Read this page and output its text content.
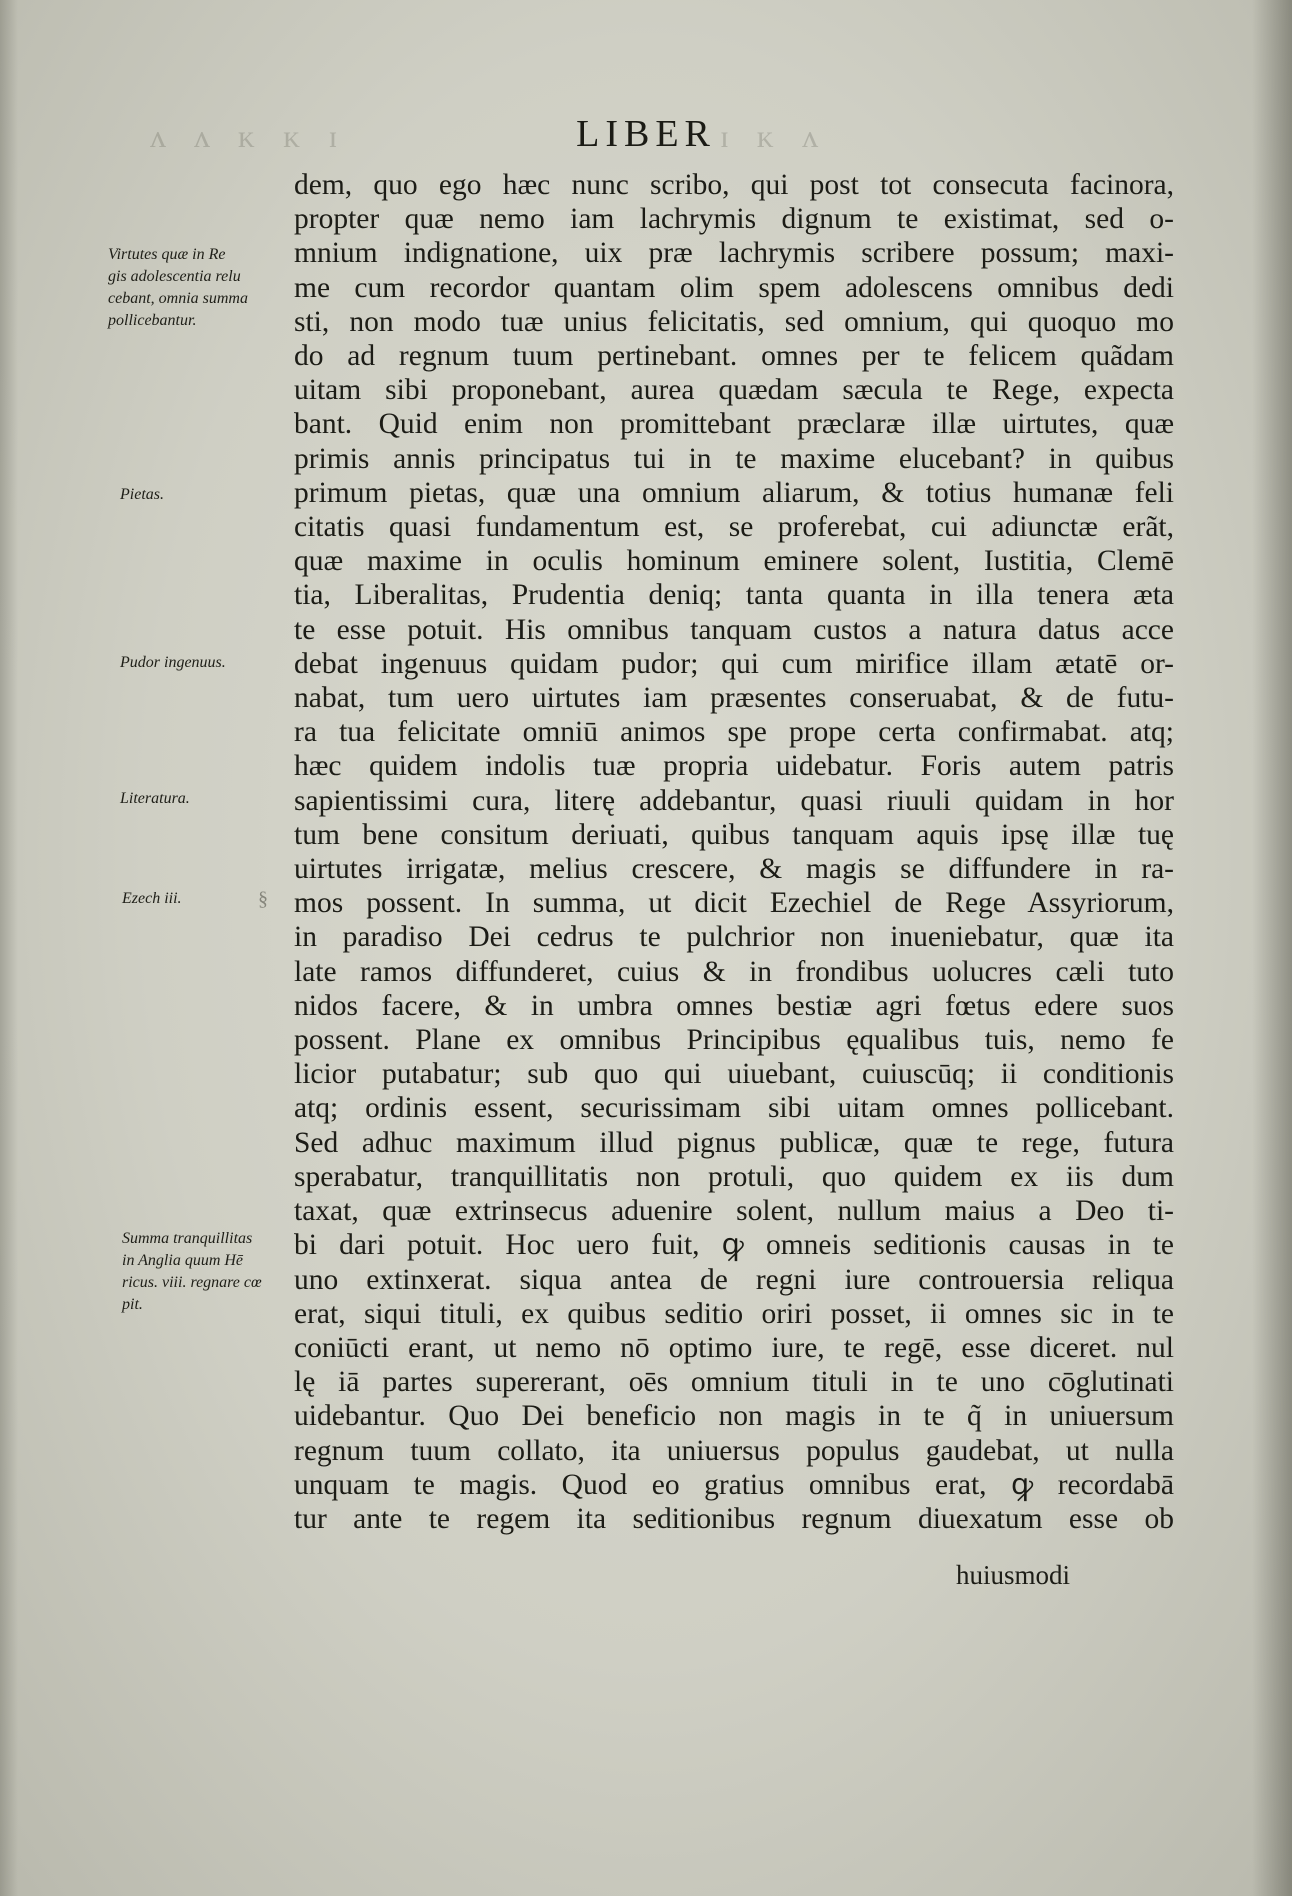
ᴧ ᴧ ᴋ ᴋ ɪ	ɪ ᴋ ᴧ
LIBER
Virtutes quæ in Re
gis adolescentia relu
cebant, omnia summa
pollicebantur.
Pietas.
Pudor ingenuus.
Literatura.
Ezech iii.	§
Summa tranquillitas
in Anglia quum Hē
ricus. viii. regnare cœ
pit.
dem, quo ego hæc nunc scribo, qui post tot consecuta facinora,
propter quæ nemo iam lachrymis dignum te existimat, sed o-
mnium indignatione, uix præ lachrymis scribere possum; maxi-
me cum recordor quantam olim spem adolescens omnibus dedi
sti, non modo tuæ unius felicitatis, sed omnium, qui quoquo mo
do ad regnum tuum pertinebant. omnes per te felicem quãdam
uitam sibi proponebant, aurea quædam sæcula te Rege, expecta
bant. Quid enim non promittebant præclaræ illæ uirtutes, quæ
primis annis principatus tui in te maxime elucebant? in quibus
primum pietas, quæ una omnium aliarum, & totius humanæ feli
citatis quasi fundamentum est, se proferebat, cui adiunctæ erãt,
quæ maxime in oculis hominum eminere solent, Iustitia, Clemē
tia, Liberalitas, Prudentia deniq; tanta quanta in illa tenera æta
te esse potuit. His omnibus tanquam custos a natura datus acce
debat ingenuus quidam pudor; qui cum mirifice illam ætatē or-
nabat, tum uero uirtutes iam præsentes conseruabat, & de futu-
ra tua felicitate omniū animos spe prope certa confirmabat. atq;
hæc quidem indolis tuæ propria uidebatur. Foris autem patris
sapientissimi cura, literę addebantur, quasi riuuli quidam in hor
tum bene consitum deriuati, quibus tanquam aquis ipsę illæ tuę
uirtutes irrigatæ, melius crescere, & magis se diffundere in ra-
mos possent. In summa, ut dicit Ezechiel de Rege Assyriorum,
in paradiso Dei cedrus te pulchrior non inueniebatur, quæ ita
late ramos diffunderet, cuius & in frondibus uolucres cæli tuto
nidos facere, & in umbra omnes bestiæ agri fœtus edere suos
possent. Plane ex omnibus Principibus ęqualibus tuis, nemo fe
licior putabatur; sub quo qui uiuebant, cuiuscūq; ii conditionis
atq; ordinis essent, securissimam sibi uitam omnes pollicebant.
Sed adhuc maximum illud pignus publicæ, quæ te rege, futura
sperabatur, tranquillitatis non protuli, quo quidem ex iis dum
taxat, quæ extrinsecus aduenire solent, nullum maius a Deo ti-
bi dari potuit. Hoc uero fuit, ꝙ omneis seditionis causas in te
uno extinxerat. siqua antea de regni iure controuersia reliqua
erat, siqui tituli, ex quibus seditio oriri posset, ii omnes sic in te
coniūcti erant, ut nemo nō optimo iure, te regē, esse diceret. nul
lę iā partes supererant, oēs omnium tituli in te uno cōglutinati
uidebantur. Quo Dei beneficio non magis in te q̃ in uniuersum
regnum tuum collato, ita uniuersus populus gaudebat, ut nulla
unquam te magis. Quod eo gratius omnibus erat, ꝙ recordabā
tur ante te regem ita seditionibus regnum diuexatum esse ob
huiusmodi
